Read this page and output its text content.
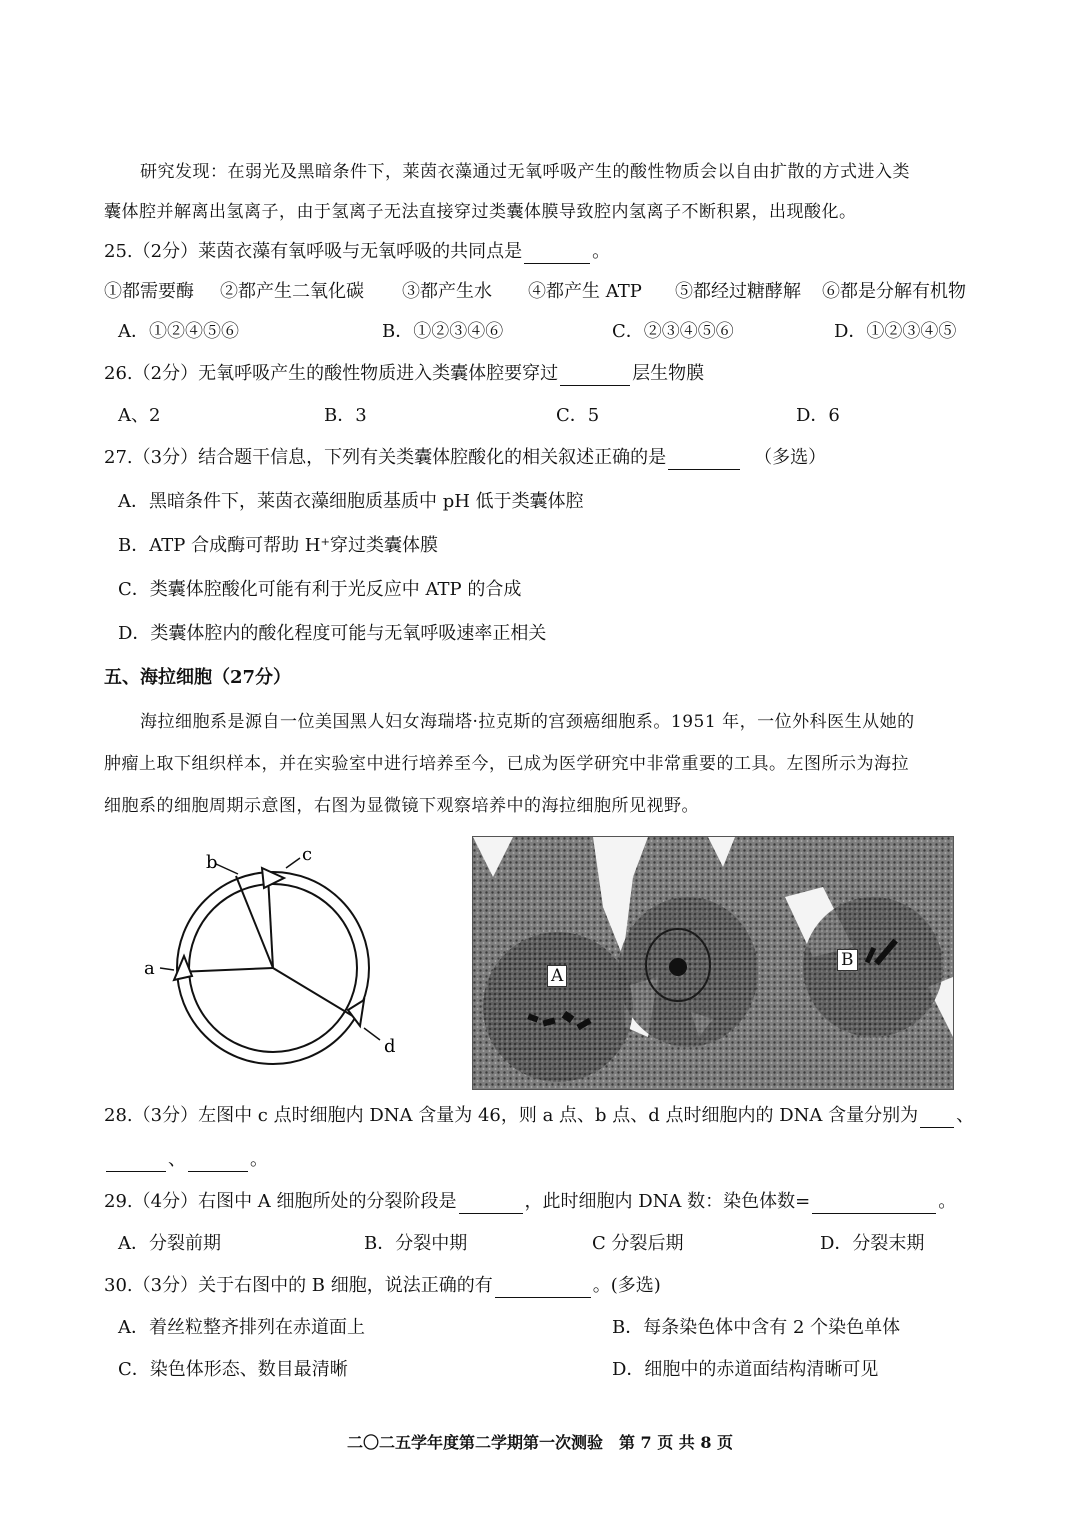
研究发现：在弱光及黑暗条件下，莱茵衣藻通过无氧呼吸产生的酸性物质会以自由扩散的方式进入类
囊体腔并解离出氢离子，由于氢离子无法直接穿过类囊体膜导致腔内氢离子不断积累，出现酸化。
25.（2分）莱茵衣藻有氧呼吸与无氧呼吸的共同点是	。
①都需要酶 ②都产生二氧化碳 ③都产生水 ④都产生 ATP ⑤都经过糖酵解 ⑥都是分解有机物
A．①②④⑤⑥	B．①②③④⑥	C．②③④⑤⑥	D．①②③④⑤
26.（2分）无氧呼吸产生的酸性物质进入类囊体腔要穿过	层生物膜
A、2	B．3	C．5	D．6
27.（3分）结合题干信息，下列有关类囊体腔酸化的相关叙述正确的是	（多选）
A．黑暗条件下，莱茵衣藻细胞质基质中 pH 低于类囊体腔
B．ATP 合成酶可帮助 H⁺穿过类囊体膜
C．类囊体腔酸化可能有利于光反应中 ATP 的合成
D．类囊体腔内的酸化程度可能与无氧呼吸速率正相关
五、海拉细胞（27分）
海拉细胞系是源自一位美国黑人妇女海瑞塔·拉克斯的宫颈癌细胞系。1951 年，一位外科医生从她的
肿瘤上取下组织样本，并在实验室中进行培养至今，已成为医学研究中非常重要的工具。左图所示为海拉
细胞系的细胞周期示意图，右图为显微镜下观察培养中的海拉细胞所见视野。
b	c
a
d
A
B
28.（3分）左图中 c 点时细胞内 DNA 含量为 46，则 a 点、b 点、d 点时细胞内的 DNA 含量分别为 、
、	。
29.（4分）右图中 A 细胞所处的分裂阶段是	，此时细胞内 DNA 数：染色体数=	。
A．分裂前期	B．分裂中期	C 分裂后期	D．分裂末期
30.（3分）关于右图中的 B 细胞，说法正确的有	。(多选)
A．着丝粒整齐排列在赤道面上	B．每条染色体中含有 2 个染色单体
C．染色体形态、数目最清晰	D．细胞中的赤道面结构清晰可见
二〇二五学年度第二学期第一次测验　第 7 页 共 8 页
